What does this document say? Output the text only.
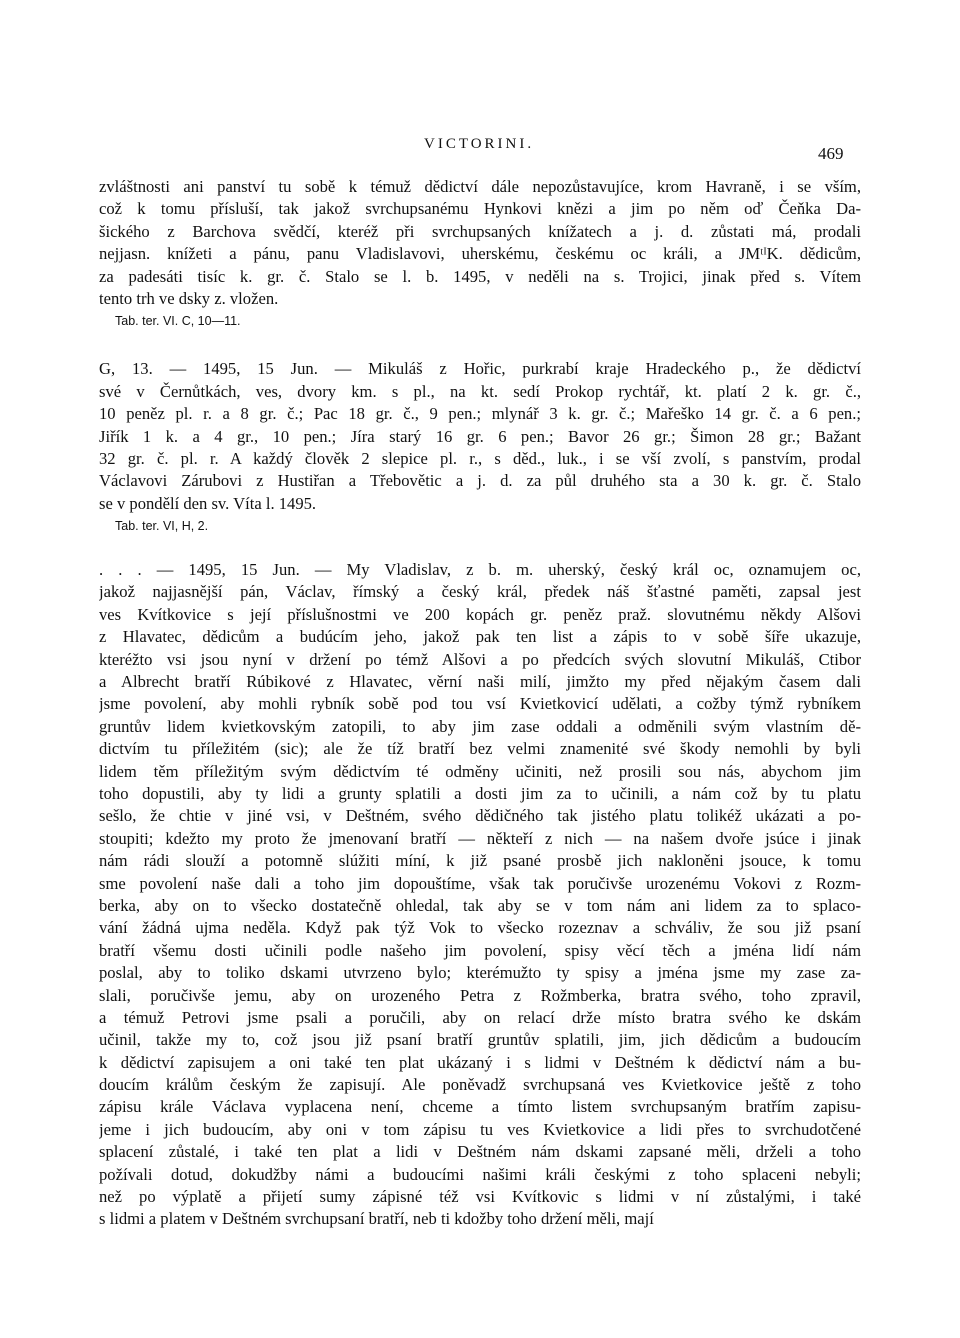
VICTORINI.	469
zvláštnosti ani panství tu sobě k témuž dědictví dále nepozůstavujíce, krom Havraně, i se vším,
což k tomu přísluší, tak jakož svrchupsanému Hynkovi knězi a jim po něm oď Čeňka Da-
šického z Barchova svědčí, kteréž při svrchupsaných knížatech a j. d. zůstati má, prodali
nejjasn. knížeti a pánu, panu Vladislavovi, uherskému, českému oc králi, a JMᵗᴵK. dědicům,
za padesáti tisíc k. gr. č. Stalo se l. b. 1495, v neděli na s. Trojici, jinak před s. Vítem
tento trh ve dsky z. vložen.
Tab. ter. VI. C, 10—11.
G, 13. — 1495, 15 Jun. — Mikuláš z Hořic, purkrabí kraje Hradeckého p., že dědictví
své v Černůtkách, ves, dvory km. s pl., na kt. sedí Prokop rychtář, kt. platí 2 k. gr. č.,
10 peněz pl. r. a 8 gr. č.; Pac 18 gr. č., 9 pen.; mlynář 3 k. gr. č.; Mařeško 14 gr. č. a 6 pen.;
Jiřík 1 k. a 4 gr., 10 pen.; Jíra starý 16 gr. 6 pen.; Bavor 26 gr.; Šimon 28 gr.; Bažant
32 gr. č. pl. r. A každý člověk 2 slepice pl. r., s děd., luk., i se vší zvolí, s panstvím, prodal
Václavovi Zárubovi z Hustiřan a Třebovětic a j. d. za půl druhého sta a 30 k. gr. č. Stalo
se v pondělí den sv. Víta l. 1495.
Tab. ter. VI, H, 2.
. . . — 1495, 15 Jun. — My Vladislav, z b. m. uherský, český král oc, oznamujem oc,
jakož najjasnější pán, Václav, římský a český král, předek náš šťastné paměti, zapsal jest
ves Kvítkovice s její příslušnostmi ve 200 kopách gr. peněz praž. slovutnému někdy Alšovi
z Hlavatec, dědicům a budúcím jeho, jakož pak ten list a zápis to v sobě šíře ukazuje,
kteréžto vsi jsou nyní v držení po témž Alšovi a po předcích svých slovutní Mikuláš, Ctibor
a Albrecht bratří Rúbikové z Hlavatec, věrní naši milí, jimžto my před nějakým časem dali
jsme povolení, aby mohli rybník sobě pod tou vsí Kvietkovicí udělati, a cožby týmž rybníkem
gruntův lidem kvietkovským zatopili, to aby jim zase oddali a odměnili svým vlastním dě-
dictvím tu příležitém (sic); ale že tíž bratří bez velmi znamenité své škody nemohli by byli
lidem těm příležitým svým dědictvím té odměny učiniti, než prosili sou nás, abychom jim
toho dopustili, aby ty lidi a grunty splatili a dosti jim za to učinili, a nám což by tu platu
sešlo, že chtie v jiné vsi, v Deštném, svého dědičného tak jistého platu tolikéž ukázati a po-
stoupiti; kdežto my proto že jmenovaní bratří — někteří z nich — na našem dvoře jsúce i jinak
nám rádi slouží a potomně slúžiti míní, k již psané prosbě jich nakloněni jsouce, k tomu
sme povolení naše dali a toho jim dopouštíme, však tak poručivše urozenému Vokovi z Rozm-
berka, aby on to všecko dostatečně ohledal, tak aby se v tom nám ani lidem za to splaco-
vání žádná ujma neděla. Když pak týž Vok to všecko rozeznav a schváliv, že sou již psaní
bratří všemu dosti učinili podle našeho jim povolení, spisy věcí těch a jména lidí nám
poslal, aby to toliko dskami utvrzeno bylo; kterémužto ty spisy a jména jsme my zase za-
slali, poručivše jemu, aby on urozeného Petra z Rožmberka, bratra svého, toho zpravil,
a témuž Petrovi jsme psali a poručili, aby on relací drže místo bratra svého ke dskám
učinil, takže my to, což jsou již psaní bratří gruntův splatili, jim, jich dědicům a budoucím
k dědictví zapisujem a oni také ten plat ukázaný i s lidmi v Deštném k dědictví nám a bu-
doucím králům českým že zapisují. Ale poněvadž svrchupsaná ves Kvietkovice ještě z toho
zápisu krále Václava vyplacena není, chceme a tímto listem svrchupsaným bratřím zapisu-
jeme i jich budoucím, aby oni v tom zápisu tu ves Kvietkovice a lidi přes to svrchudotčené
splacení zůstalé, i také ten plat a lidi v Deštném nám dskami zapsané měli, drželi a toho
požívali dotud, dokudžby námi a budoucími našimi králi českými z toho splaceni nebyli;
než po výplatě a přijetí sumy zápisné též vsi Kvítkovic s lidmi v ní zůstalými, i také
s lidmi a platem v Deštném svrchupsaní bratří, neb ti kdožby toho držení měli, mají
